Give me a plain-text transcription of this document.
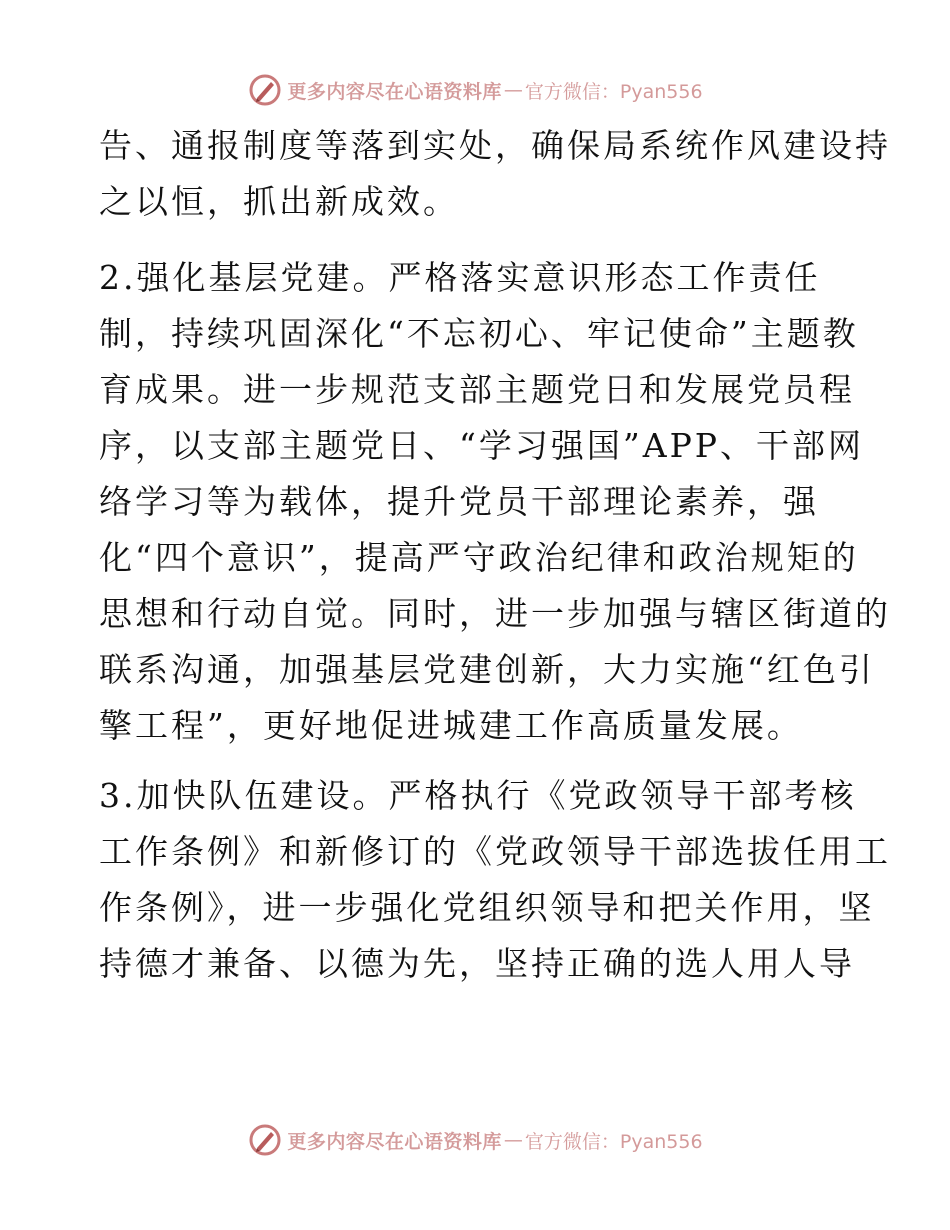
更多内容尽在心语资料库 — 官方微信：Pyan556
告、通报制度等落到实处，确保局系统作风建设持
之以恒，抓出新成效。
2.强化基层党建。严格落实意识形态工作责任
制，持续巩固深化“不忘初心、牢记使命”主题教
育成果。进一步规范支部主题党日和发展党员程
序，以支部主题党日、“学习强国”APP、干部网
络学习等为载体，提升党员干部理论素养，强
化“四个意识”，提高严守政治纪律和政治规矩的
思想和行动自觉。同时，进一步加强与辖区街道的
联系沟通，加强基层党建创新，大力实施“红色引
擎工程”，更好地促进城建工作高质量发展。
3.加快队伍建设。严格执行《党政领导干部考核
工作条例》和新修订的《党政领导干部选拔任用工
作条例》，进一步强化党组织领导和把关作用，坚
持德才兼备、以德为先，坚持正确的选人用人导
更多内容尽在心语资料库 — 官方微信：Pyan556
